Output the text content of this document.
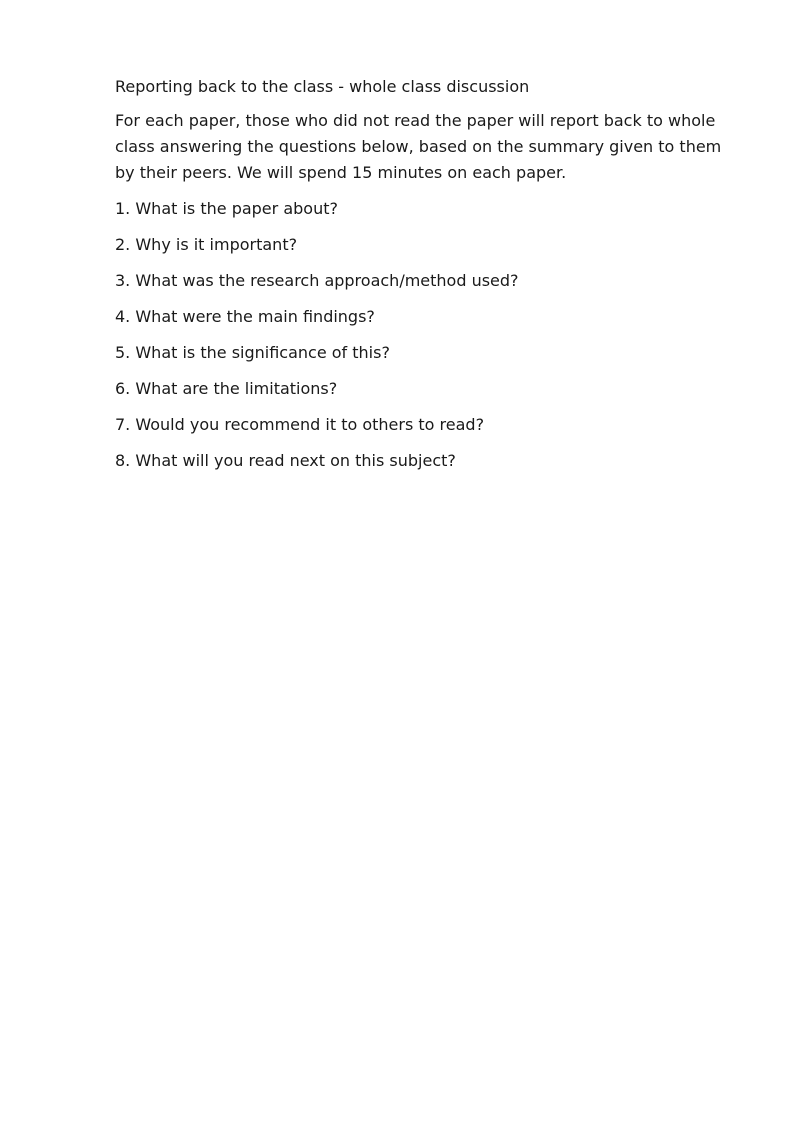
Reporting back to the class - whole class discussion

For each paper, those who did not read the paper will report back to whole class answering the questions below, based on the summary given to them by their peers. We will spend 15 minutes on each paper.

1. What is the paper about?
2. Why is it important?
3. What was the research approach/method used?
4. What were the main findings?
5. What is the significance of this?
6. What are the limitations?
7. Would you recommend it to others to read?
8. What will you read next on this subject?
